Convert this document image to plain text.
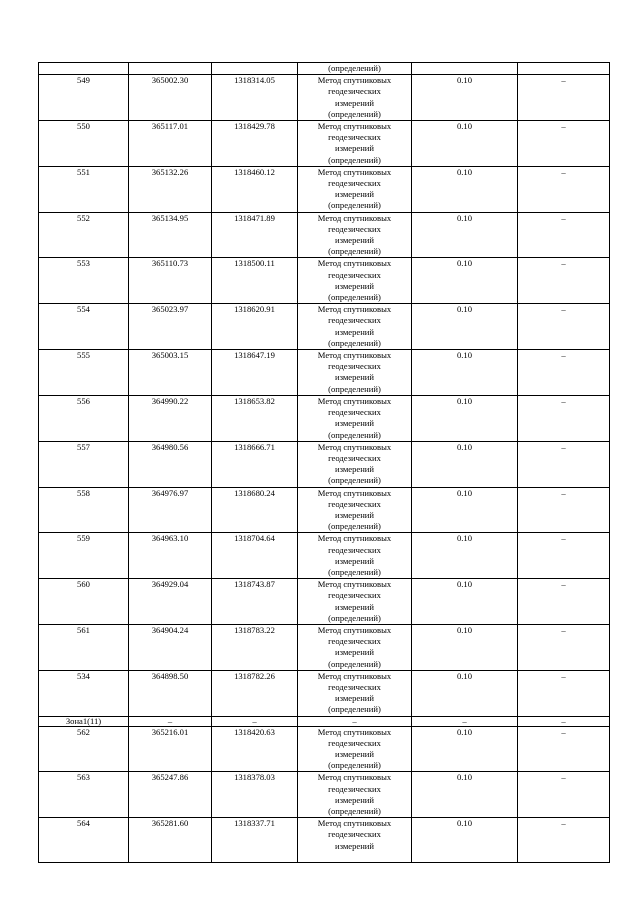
			(определений)		
549	365002.30	1318314.05	Метод спутниковых
геодезических
измерений
(определений)	0.10	–
550	365117.01	1318429.78	Метод спутниковых
геодезических
измерений
(определений)	0.10	–
551	365132.26	1318460.12	Метод спутниковых
геодезических
измерений
(определений)	0.10	–
552	365134.95	1318471.89	Метод спутниковых
геодезических
измерений
(определений)	0.10	–
553	365110.73	1318500.11	Метод спутниковых
геодезических
измерений
(определений)	0.10	–
554	365023.97	1318620.91	Метод спутниковых
геодезических
измерений
(определений)	0.10	–
555	365003.15	1318647.19	Метод спутниковых
геодезических
измерений
(определений)	0.10	–
556	364990.22	1318653.82	Метод спутниковых
геодезических
измерений
(определений)	0.10	–
557	364980.56	1318666.71	Метод спутниковых
геодезических
измерений
(определений)	0.10	–
558	364976.97	1318680.24	Метод спутниковых
геодезических
измерений
(определений)	0.10	–
559	364963.10	1318704.64	Метод спутниковых
геодезических
измерений
(определений)	0.10	–
560	364929.04	1318743.87	Метод спутниковых
геодезических
измерений
(определений)	0.10	–
561	364904.24	1318783.22	Метод спутниковых
геодезических
измерений
(определений)	0.10	–
534	364898.50	1318782.26	Метод спутниковых
геодезических
измерений
(определений)	0.10	–
Зона1(11)	–	–	–	–	–
562	365216.01	1318420.63	Метод спутниковых
геодезических
измерений
(определений)	0.10	–
563	365247.86	1318378.03	Метод спутниковых
геодезических
измерений
(определений)	0.10	–
564	365281.60	1318337.71	Метод спутниковых
геодезических
измерений	0.10	–
